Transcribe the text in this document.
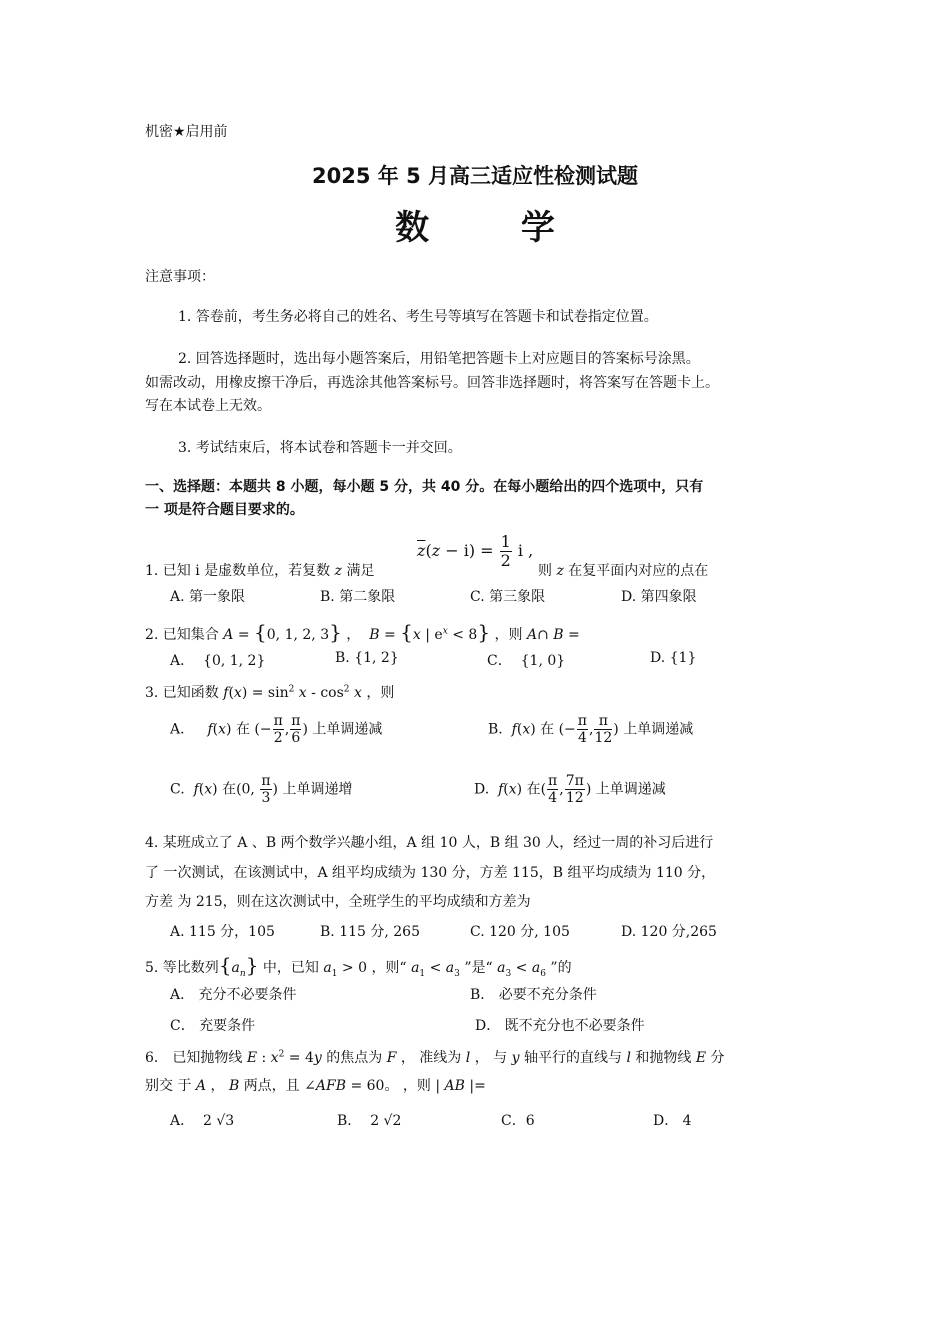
机密★启用前
2025 年 5 月高三适应性检测试题
数 学
注意事项：
1. 答卷前，考生务必将自己的姓名、考生号等填写在答题卡和试卷指定位置。
2. 回答选择题时，选出每小题答案后，用铅笔把答题卡上对应题目的答案标号涂黑。
如需改动，用橡皮擦干净后，再选涂其他答案标号。回答非选择题时，将答案写在答题卡上。
写在本试卷上无效。
3. 考试结束后，将本试卷和答题卡一并交回。
一、选择题：本题共 8 小题，每小题 5 分，共 40 分。在每小题给出的四个选项中，只有
一 项是符合题目要求的。
1. 已知 i 是虚数单位，若复数 z 满足
$\overline{z}(z - i) = \frac{1}{2}$ i ,
则 z 在复平面内对应的点在
A. 第一象限	B. 第二象限	C. 第三象限	D. 第四象限
2. 已知集合 A = {0, 1, 2, 3} ，  B = {x | $e^x < 8$} ，则 A∩ B =
A． {0, 1, 2}	B. {1, 2}	C． {1, 0}	D. {1}
3. 已知函数 $f(x) = \sin^2 x - \cos^2 x$ ，则
A． f(x) 在 (− $\frac{\pi}{2}$ , $\frac{\pi}{6}$ ) 上单调递减	B. f(x) 在 (− $\frac{\pi}{4}$ , $\frac{\pi}{12}$ ) 上单调递减
C. f(x) 在(0, $\frac{\pi}{3}$ ) 上单调递增	D. f(x) 在( $\frac{\pi}{4}$ , $\frac{7\pi}{12}$ ) 上单调递减
4. 某班成立了 A 、B 两个数学兴趣小组，A 组 10 人，B 组 30 人，经过一周的补习后进行
了 一次测试，在该测试中，A 组平均成绩为 130 分，方差 115，B 组平均成绩为 110 分，
方差 为 215，则在这次测试中，全班学生的平均成绩和方差为
A. 115 分，105	B. 115 分, 265	C. 120 分, 105	D. 120 分,265
5. 等比数列$\{a_n\}$ 中，已知 $a_1 > 0$ ，则“ $a_1 < a_3$ ”是“ $a_3 < a_6$ ”的
A． 充分不必要条件	B． 必要不充分条件
C． 充要条件	D． 既不充分也不必要条件
6． 已知抛物线 E : $x^2 = 4y$ 的焦点为 F ， 准线为 l ， 与 y 轴平行的直线与 l 和抛物线 E 分
别交 于 A ， B 两点，且 ∠AFB = 60。 ，则 | AB |=
A．  2 √3	B．  2 √2	C．6	D． 4
